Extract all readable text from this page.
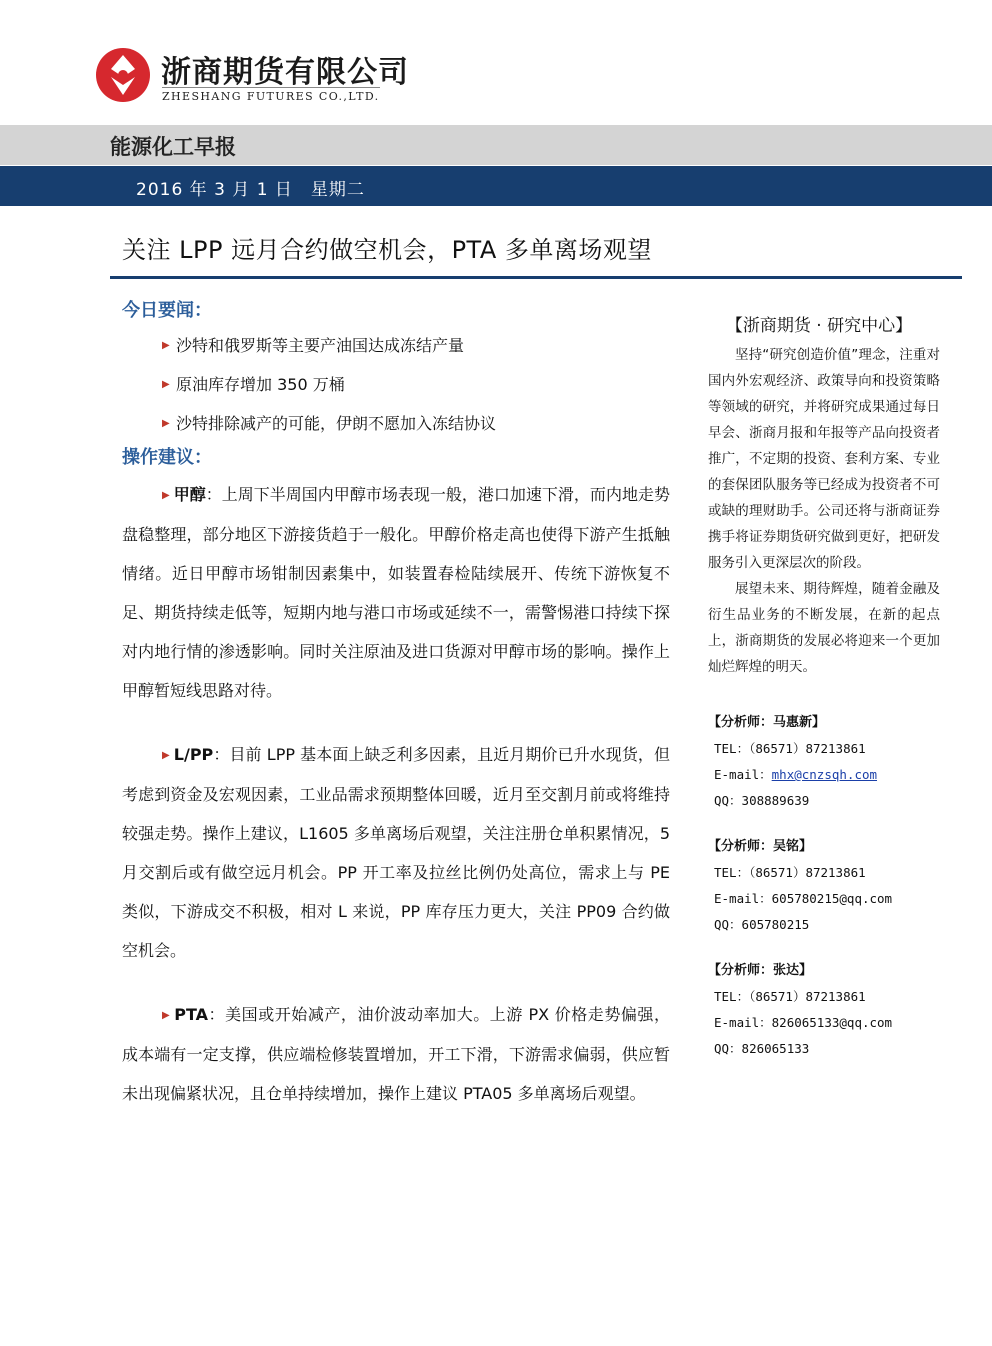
浙商期货有限公司
ZHESHANG FUTURES CO.,LTD.
能源化工早报
2016 年 3 月 1 日　星期二
关注 LPP 远月合约做空机会，PTA 多单离场观望
今日要闻：
▶ 沙特和俄罗斯等主要产油国达成冻结产量
▶ 原油库存增加 350 万桶
▶ 沙特排除减产的可能，伊朗不愿加入冻结协议
操作建议：

▶ 甲醇：上周下半周国内甲醇市场表现一般，港口加速下滑，而内地走势盘稳整理，部分地区下游接货趋于一般化。甲醇价格走高也使得下游产生抵触情绪。近日甲醇市场钳制因素集中，如装置春检陆续展开、传统下游恢复不足、期货持续走低等，短期内地与港口市场或延续不一，需警惕港口持续下探对内地行情的渗透影响。同时关注原油及进口货源对甲醇市场的影响。操作上甲醇暂短线思路对待。

▶ L/PP：目前 LPP 基本面上缺乏利多因素，且近月期价已升水现货，但考虑到资金及宏观因素，工业品需求预期整体回暖，近月至交割月前或将维持较强走势。操作上建议，L1605 多单离场后观望，关注注册仓单积累情况，5 月交割后或有做空远月机会。PP 开工率及拉丝比例仍处高位，需求上与 PE 类似，下游成交不积极，相对 L 来说，PP 库存压力更大，关注 PP09 合约做空机会。

▶ PTA：美国或开始减产，油价波动率加大。上游 PX 价格走势偏强，成本端有一定支撑，供应端检修装置增加，开工下滑，下游需求偏弱，供应暂未出现偏紧状况，且仓单持续增加，操作上建议 PTA05 多单离场后观望。

【浙商期货 · 研究中心】

坚持“研究创造价值”理念，注重对国内外宏观经济、政策导向和投资策略等领域的研究，并将研究成果通过每日早会、浙商月报和年报等产品向投资者推广，不定期的投资、套利方案、专业的套保团队服务等已经成为投资者不可或缺的理财助手。公司还将与浙商证券携手将证券期货研究做到更好，把研发服务引入更深层次的阶段。

展望未来、期待辉煌，随着金融及衍生品业务的不断发展，在新的起点上，浙商期货的发展必将迎来一个更加灿烂辉煌的明天。

【分析师：马惠新】
TEL：（86571）87213861
E-mail：mhx@cnzsqh.com
QQ：308889639
【分析师：吴铭】
TEL：（86571）87213861
E-mail：605780215@qq.com
QQ：605780215
【分析师：张达】
TEL：（86571）87213861
E-mail：826065133@qq.com
QQ：826065133
